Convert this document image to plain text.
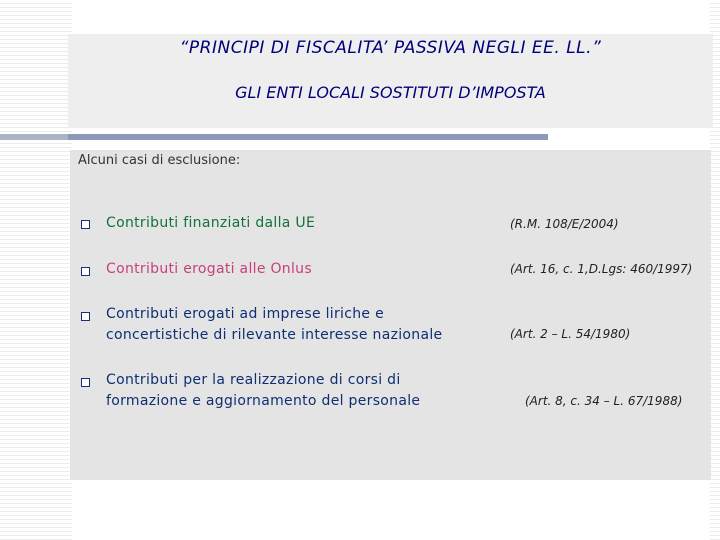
“PRINCIPI DI FISCALITA’ PASSIVA NEGLI EE. LL.”
GLI ENTI LOCALI SOSTITUTI D’IMPOSTA
Alcuni casi di esclusione:
Contributi finanziati dalla UE	(R.M. 108/E/2004)
Contributi erogati alle Onlus	(Art. 16, c. 1,D.Lgs: 460/1997)
Contributi erogati ad imprese liriche e
concertistiche di rilevante interesse nazionale	(Art. 2 – L. 54/1980)
Contributi per la realizzazione di corsi di
formazione e aggiornamento del personale	(Art. 8, c. 34 – L. 67/1988)
